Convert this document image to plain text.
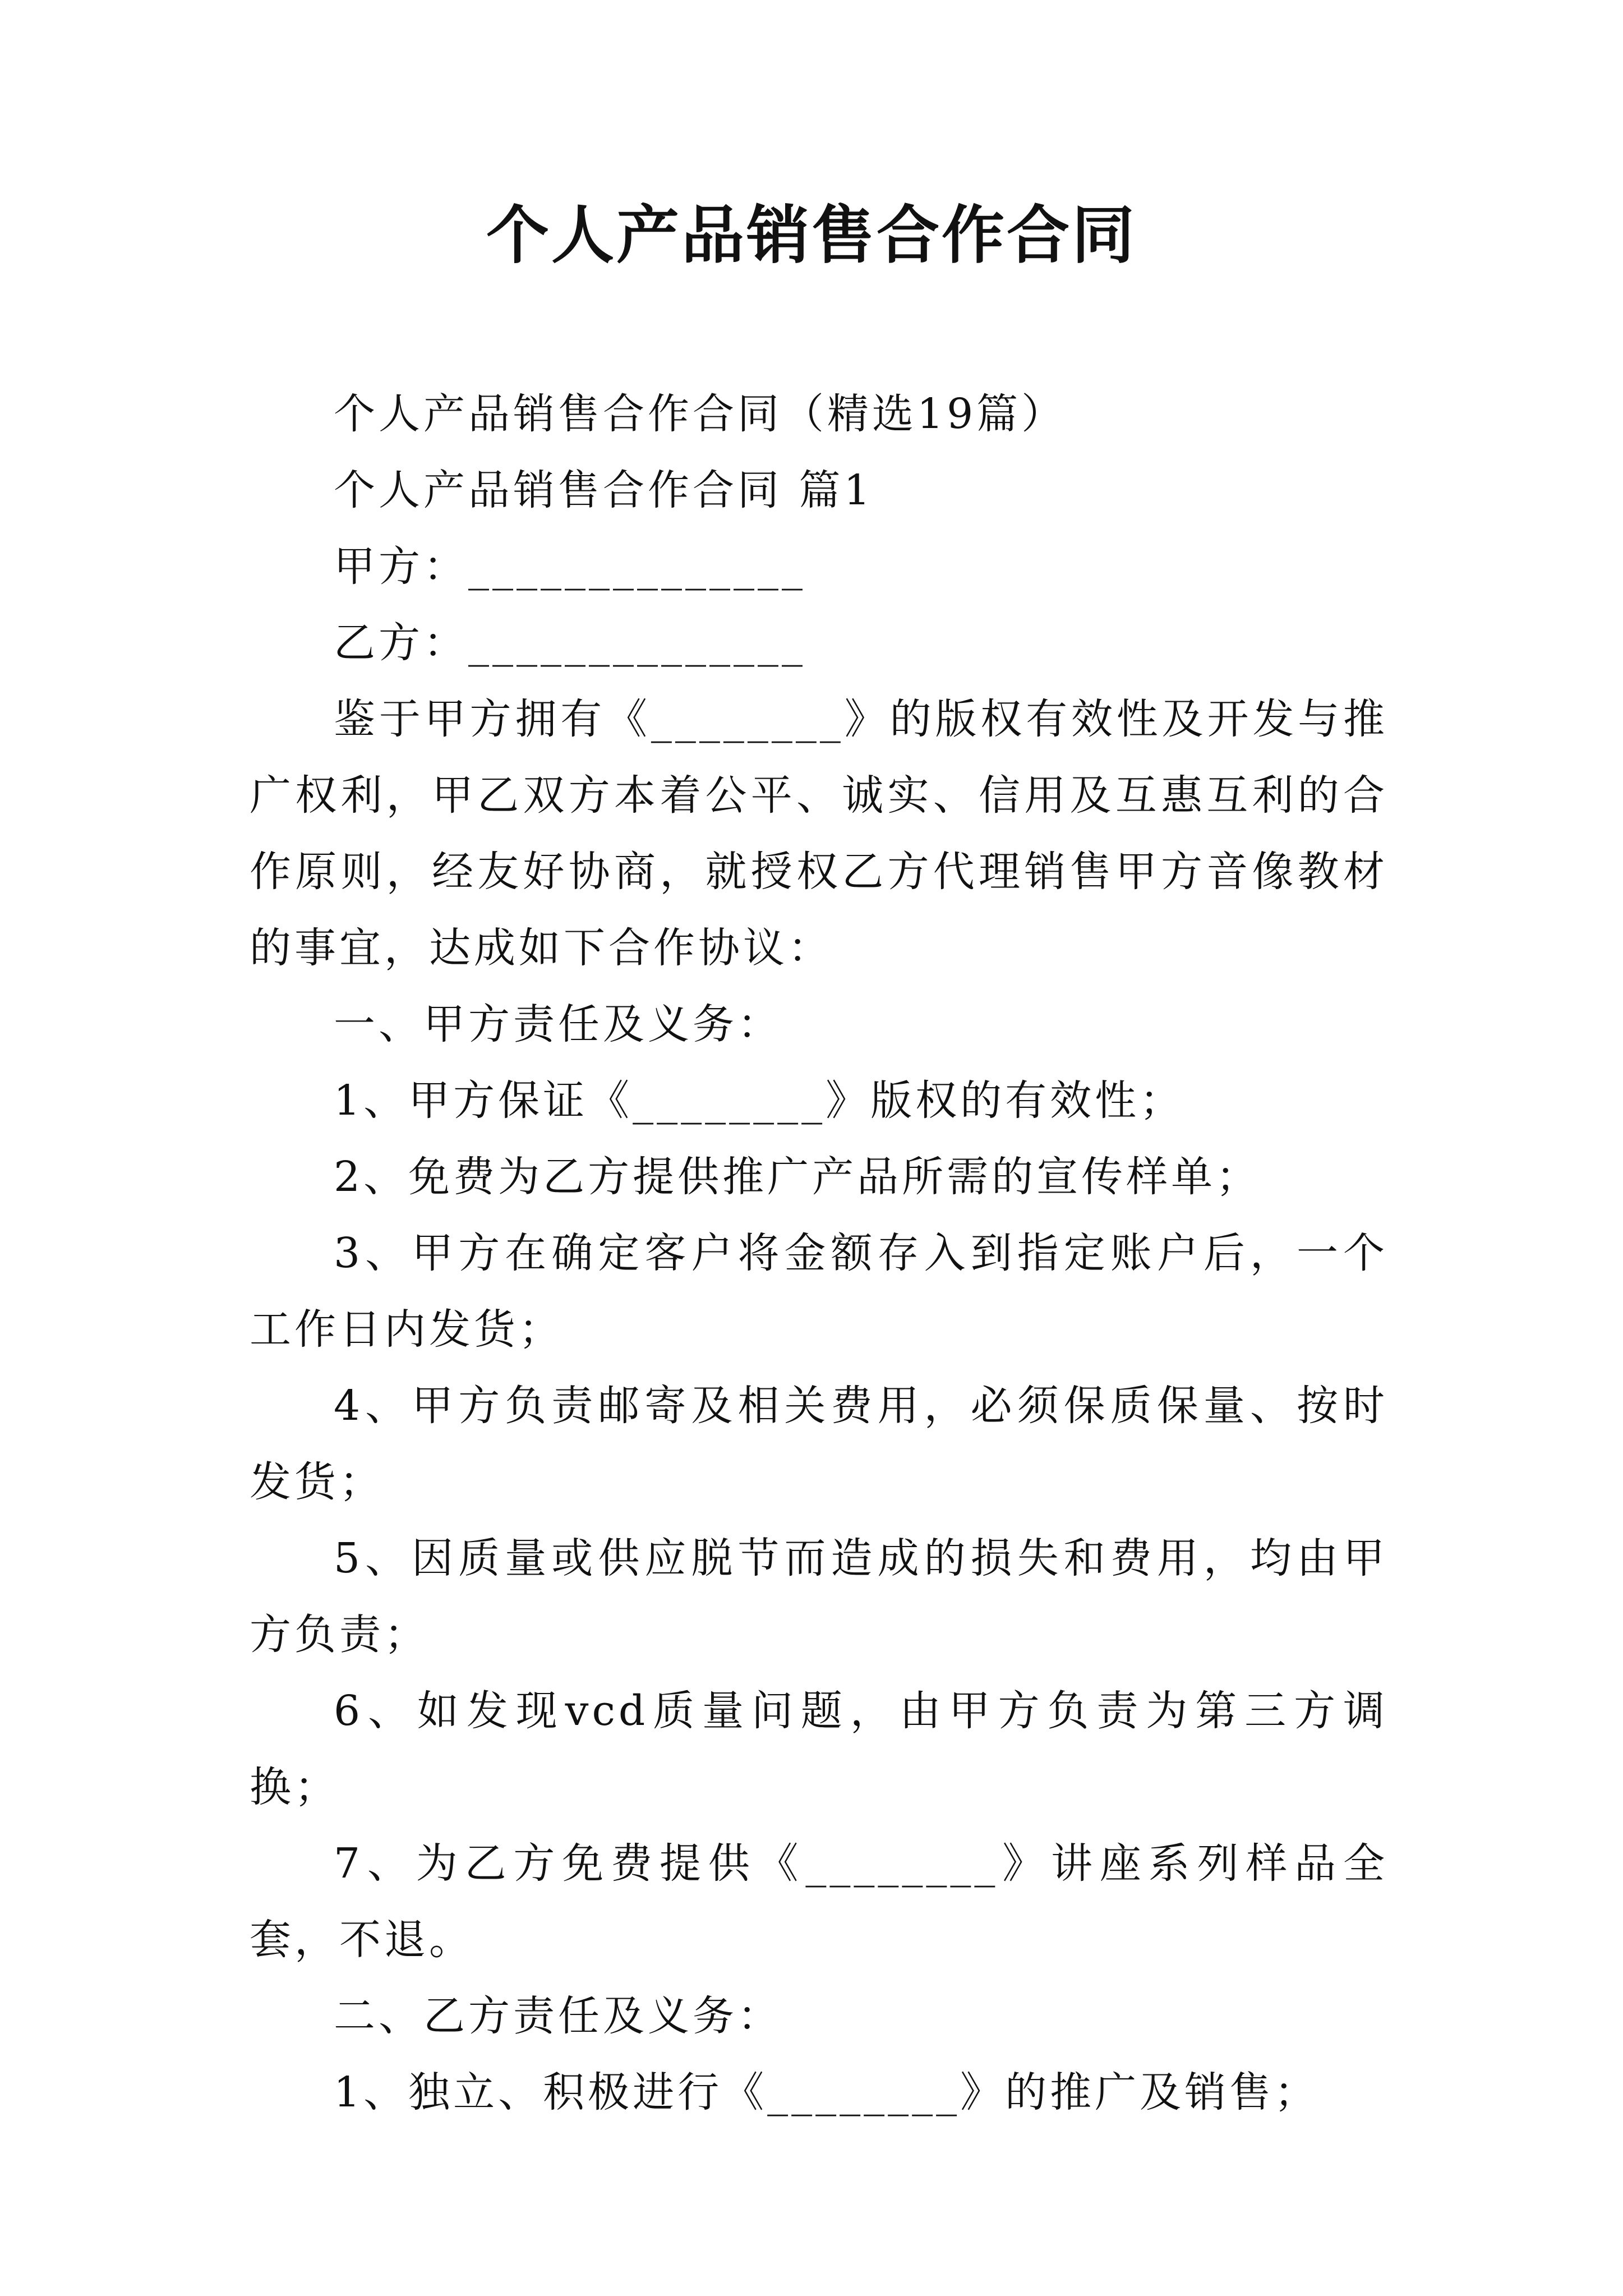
个人产品销售合作合同

个人产品销售合作合同（精选19篇）

个人产品销售合作合同 篇1

甲方：______________

乙方：______________

鉴于甲方拥有《________》的版权有效性及开发与推广权利，甲乙双方本着公平、诚实、信用及互惠互利的合作原则，经友好协商，就授权乙方代理销售甲方音像教材的事宜，达成如下合作协议：

一、甲方责任及义务：

1、甲方保证《________》版权的有效性；

2、免费为乙方提供推广产品所需的宣传样单；

3、甲方在确定客户将金额存入到指定账户后，一个工作日内发货；

4、甲方负责邮寄及相关费用，必须保质保量、按时发货；

5、因质量或供应脱节而造成的损失和费用，均由甲方负责；

6、如发现vcd质量问题，由甲方负责为第三方调换；

7、为乙方免费提供《________》讲座系列样品全套，不退。

二、乙方责任及义务：

1、独立、积极进行《________》的推广及销售；
